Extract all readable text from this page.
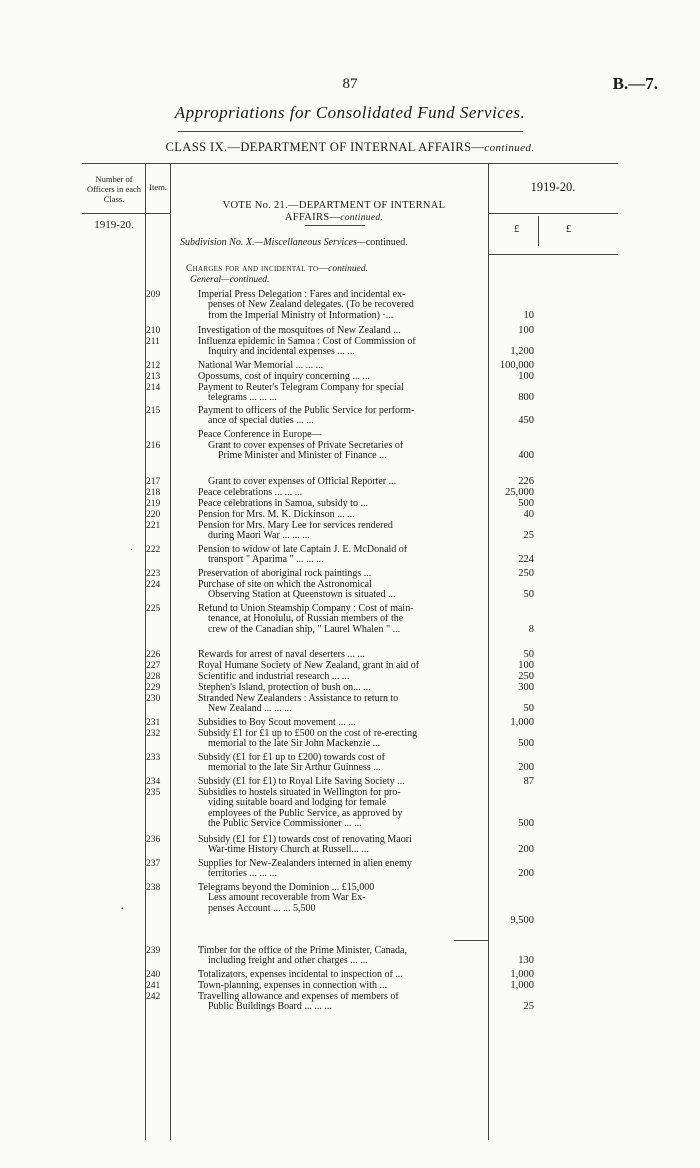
87	B.—7.
Appropriations for Consolidated Fund Services.
CLASS IX.—DEPARTMENT OF INTERNAL AFFAIRS—continued.
Number of Officers in each Class.
Item.
1919-20.
1919-20.
£	£
VOTE No. 21.—DEPARTMENT OF INTERNAL
AFFAIRS—continued.
Subdivision No. X.—Miscellaneous Services—continued.
Charges for and incidental to—continued.
General—continued.
209	Imperial Press Delegation : Fares and incidental ex-
penses of New Zealand delegates. (To be recovered
from the Imperial Ministry of Information) ·...	10
210	Investigation of the mosquitoes of New Zealand ...	100
211	Influenza epidemic in Samoa : Cost of Commission of
Inquiry and incidental expenses ... ...	1,200
212	National War Memorial ... ... ...	100,000
213	Opossums, cost of inquiry concerning ... ...	100
214	Payment to Reuter's Telegram Company for special
telegrams ... ... ...	800
215	Payment to officers of the Public Service for perform-
ance of special duties ... ...	450
Peace Conference in Europe—
216	Grant to cover expenses of Private Secretaries of
Prime Minister and Minister of Finance ...	400
217	Grant to cover expenses of Official Reporter ...	226
218	Peace celebrations ... ... ...	25,000
219	Peace celebrations in Samoa, subsidy to ...	500
220	Pension for Mrs. M. K. Dickinson ... ...	40
221	Pension for Mrs. Mary Lee for services rendered
during Maori War ... ... ...	25
222	Pension to widow of late Captain J. E. McDonald of
transport " Aparima " ... ... ...	224
223	Preservation of aboriginal rock paintings ...	250
224	Purchase of site on which the Astronomical
Observing Station at Queenstown is situated ...	50
225	Refund to Union Steamship Company : Cost of main-
tenance, at Honolulu, of Russian members of the
crew of the Canadian ship, " Laurel Whalen " ...	8
226	Rewards for arrest of naval deserters ... ...	50
227	Royal Humane Society of New Zealand, grant in aid of	100
228	Scientific and industrial research ... ...	250
229	Stephen's Island, protection of bush on... ...	300
230	Stranded New Zealanders : Assistance to return to
New Zealand ... ... ...	50
231	Subsidies to Boy Scout movement ... ...	1,000
232	Subsidy £1 for £1 up to £500 on the cost of re-erecting
memorial to the late Sir John Mackenzie ...	500
233	Subsidy (£1 for £1 up to £200) towards cost of
memorial to the late Sir Arthur Guinness ...	200
234	Subsidy (£1 for £1) to Royal Life Saving Society ...	87
235	Subsidies to hostels situated in Wellington for pro-
viding suitable board and lodging for female
employees of the Public Service, as approved by
the Public Service Commissioner ... ...	500
236	Subsidy (£1 for £1) towards cost of renovating Maori
War-time History Church at Russell... ...	200
237	Supplies for New-Zealanders interned in alien enemy
territories ... ... ...	200
238	Telegrams beyond the Dominion ... £15,000
Less amount recoverable from War Ex-
penses Account ... ... 5,500
9,500
239	Timber for the office of the Prime Minister, Canada,
including freight and other charges ... ...	130
240	Totalizators, expenses incidental to inspection of ...	1,000
241	Town-planning, expenses in connection with ...	1,000
242	Travelling allowance and expenses of members of
Public Buildings Board ... ... ...	25
·
·
